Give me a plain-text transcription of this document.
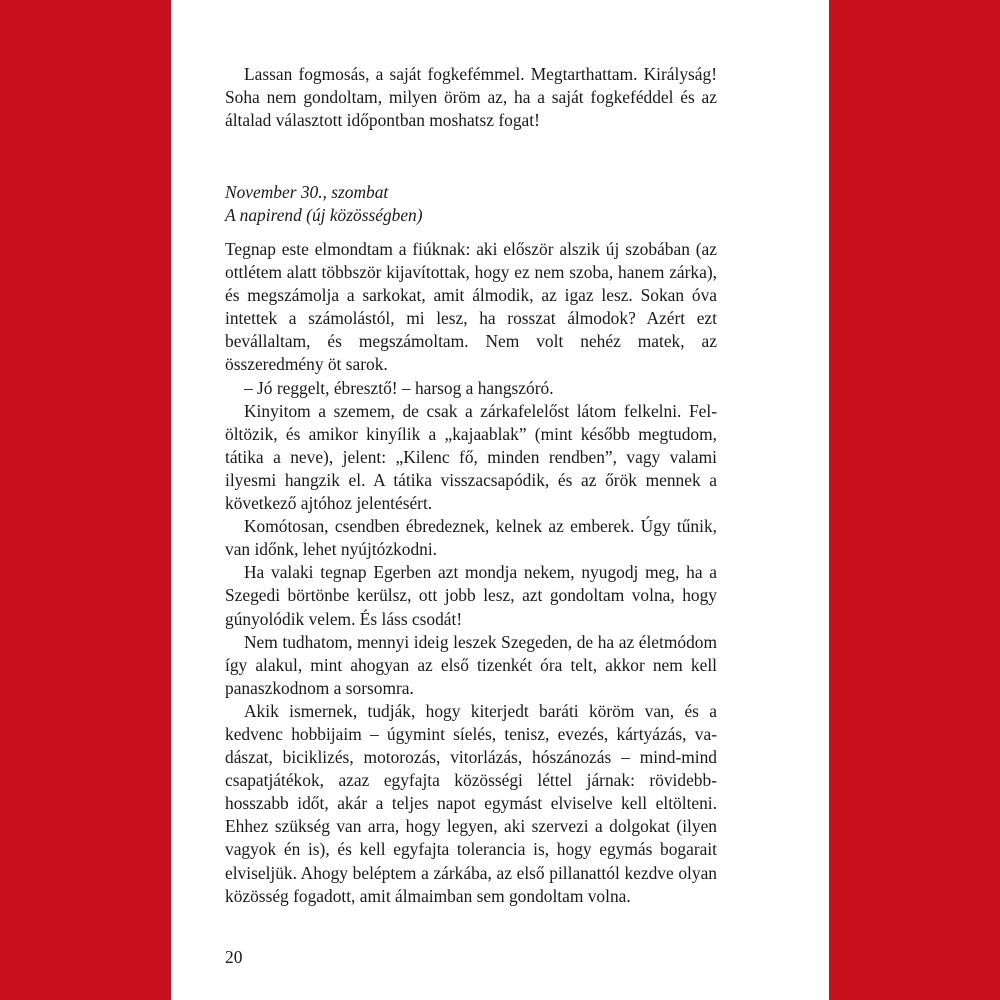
Lassan fogmosás, a saját fogkefémmel. Megtarthattam. Királyság! Soha nem gondoltam, milyen öröm az, ha a saját fogkeféddel és az általad választott időpontban moshatsz fogat!

November 30., szombat
A napirend (új közösségben)

Tegnap este elmondtam a fiúknak: aki először alszik új szobában (az ottlétem alatt többször kijavítottak, hogy ez nem szoba, hanem zárka), és megszámolja a sarkokat, amit álmodik, az igaz lesz. Sokan óva intettek a számolástól, mi lesz, ha rosszat álmodok? Azért ezt bevállaltam, és megszámoltam. Nem volt nehéz matek, az összeredmény öt sarok.

– Jó reggelt, ébresztő! – harsog a hangszóró.

Kinyitom a szemem, de csak a zárkafelelőst látom felkelni. Felöltözik, és amikor kinyílik a „kajaablak” (mint később megtudom, tátika a neve), jelent: „Kilenc fő, minden rendben”, vagy valami ilyesmi hangzik el. A tátika visszacsapódik, és az őrök mennek a következő ajtóhoz jelentésért.

Komótosan, csendben ébredeznek, kelnek az emberek. Úgy tűnik, van időnk, lehet nyújtózkodni.

Ha valaki tegnap Egerben azt mondja nekem, nyugodj meg, ha a Szegedi börtönbe kerülsz, ott jobb lesz, azt gondoltam volna, hogy gúnyolódik velem. És láss csodát!

Nem tudhatom, mennyi ideig leszek Szegeden, de ha az életmódom így alakul, mint ahogyan az első tizenkét óra telt, akkor nem kell panaszkodnom a sorsomra.

Akik ismernek, tudják, hogy kiterjedt baráti köröm van, és a kedvenc hobbijaim – úgymint síelés, tenisz, evezés, kártyázás, vadászat, biciklizés, motorozás, vitorlázás, hószánozás – mind-mind csapatjátékok, azaz egyfajta közösségi léttel járnak: rövidebb-hosszabb időt, akár a teljes napot egymást elviselve kell eltölteni. Ehhez szükség van arra, hogy legyen, aki szervezi a dolgokat (ilyen vagyok én is), és kell egyfajta tolerancia is, hogy egymás bogarait elviseljük. Ahogy beléptem a zárkába, az első pillanattól kezdve olyan közösség fogadott, amit álmaimban sem gondoltam volna.

20
